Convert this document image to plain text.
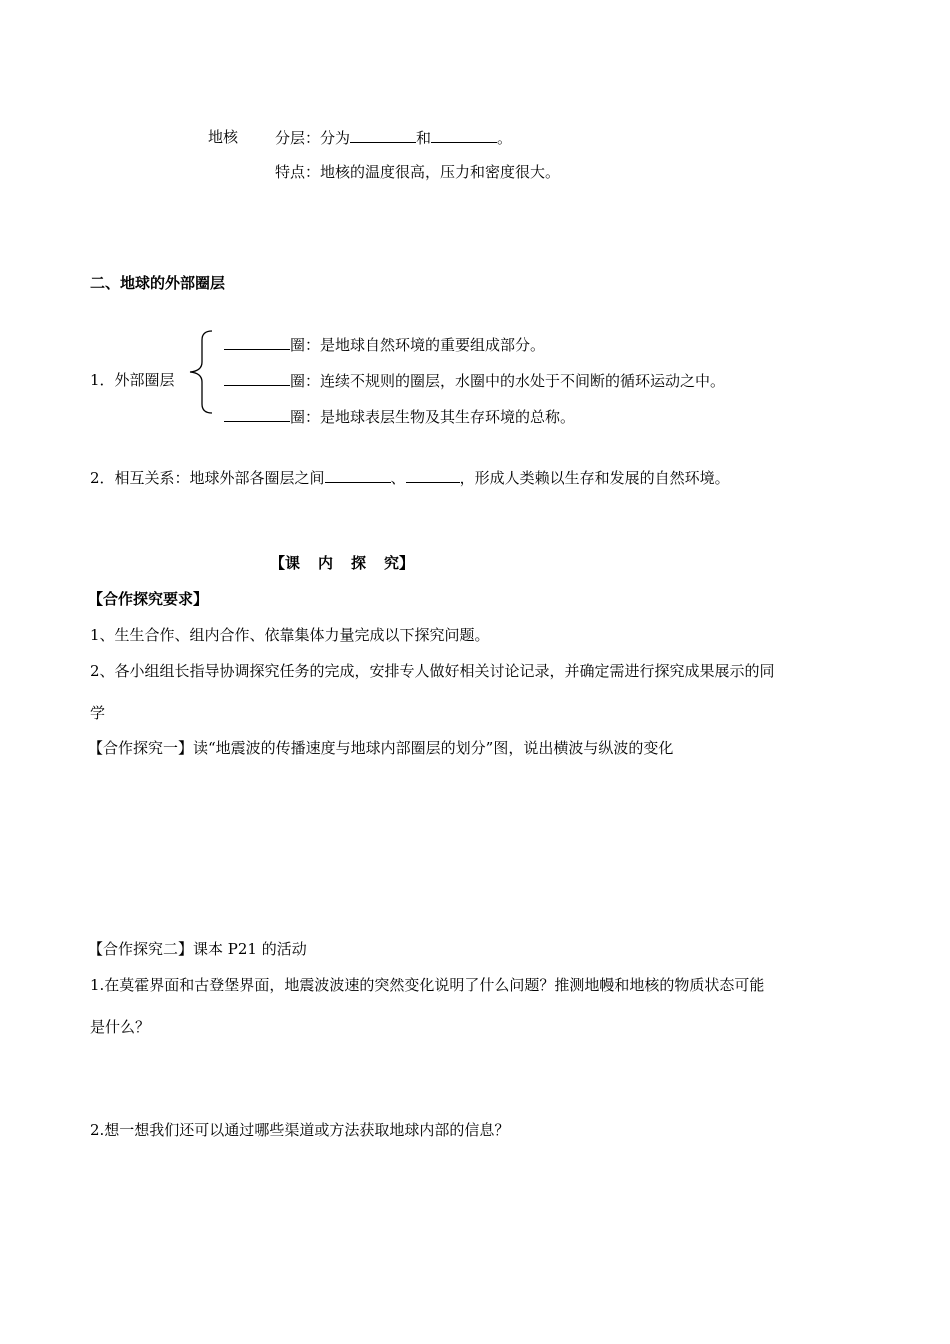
地核 分层：分为	和	。
特点：地核的温度很高，压力和密度很大。
二、地球的外部圈层
1．外部圈层
圈：是地球自然环境的重要组成部分。
圈：连续不规则的圈层，水圈中的水处于不间断的循环运动之中。
圈：是地球表层生物及其生存环境的总称。
2．相互关系：地球外部各圈层之间	、	，形成人类赖以生存和发展的自然环境。
【课 内 探 究】
【合作探究要求】
1、生生合作、组内合作、依靠集体力量完成以下探究问题。
2、各小组组长指导协调探究任务的完成，安排专人做好相关讨论记录，并确定需进行探究成果展示的同
学
【合作探究一】读“地震波的传播速度与地球内部圈层的划分”图，说出横波与纵波的变化
【合作探究二】课本 P21 的活动
1.在莫霍界面和古登堡界面，地震波波速的突然变化说明了什么问题？推测地幔和地核的物质状态可能
是什么？
2.想一想我们还可以通过哪些渠道或方法获取地球内部的信息？
